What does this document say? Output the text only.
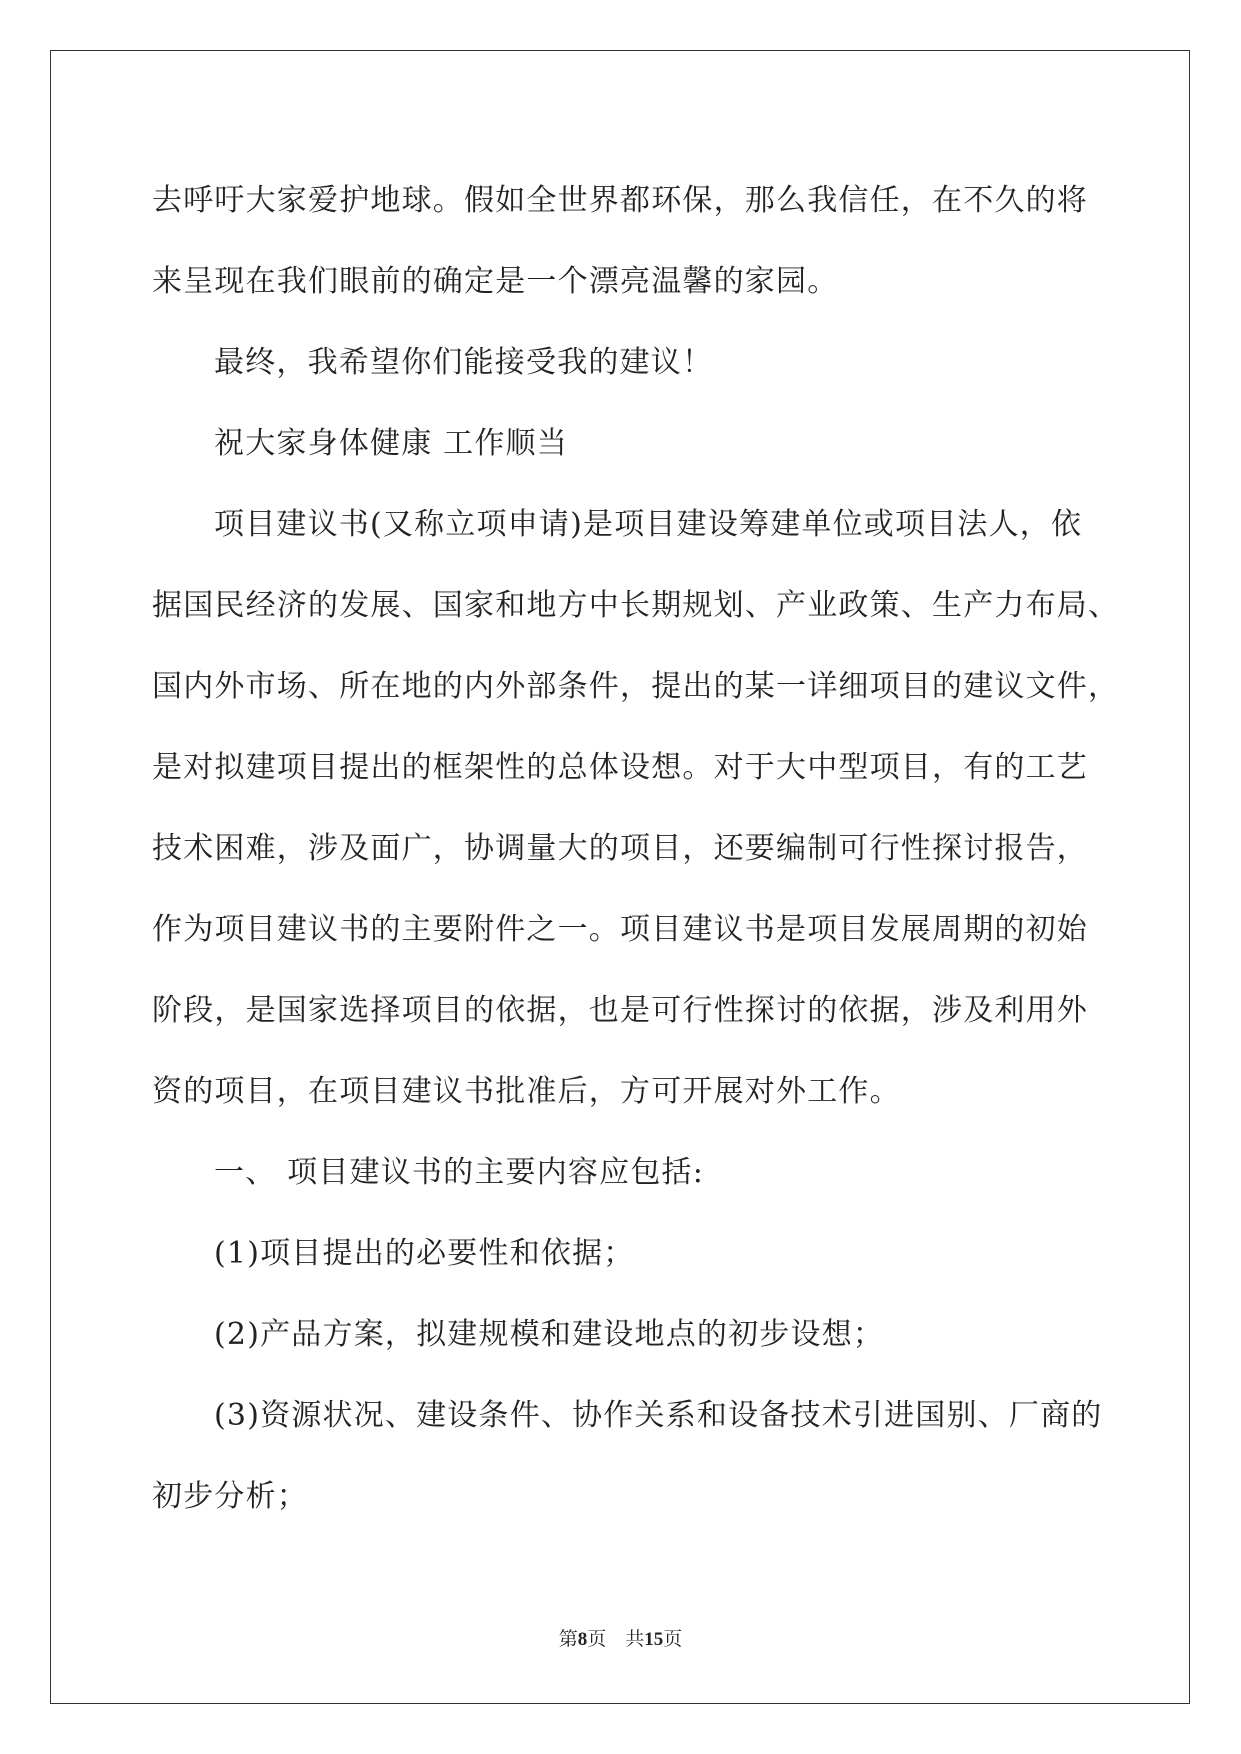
去呼吁大家爱护地球。假如全世界都环保，那么我信任，在不久的将

来呈现在我们眼前的确定是一个漂亮温馨的家园。

最终，我希望你们能接受我的建议！

祝大家身体健康 工作顺当

项目建议书(又称立项申请)是项目建设筹建单位或项目法人，依

据国民经济的发展、国家和地方中长期规划、产业政策、生产力布局、

国内外市场、所在地的内外部条件，提出的某一详细项目的建议文件，

是对拟建项目提出的框架性的总体设想。对于大中型项目，有的工艺

技术困难，涉及面广，协调量大的项目，还要编制可行性探讨报告，

作为项目建议书的主要附件之一。项目建议书是项目发展周期的初始

阶段，是国家选择项目的依据，也是可行性探讨的依据，涉及利用外

资的项目，在项目建议书批准后，方可开展对外工作。

一、 项目建议书的主要内容应包括:

(1)项目提出的必要性和依据；

(2)产品方案，拟建规模和建设地点的初步设想；

(3)资源状况、建设条件、协作关系和设备技术引进国别、厂商的

初步分析；

第8页　共15页
